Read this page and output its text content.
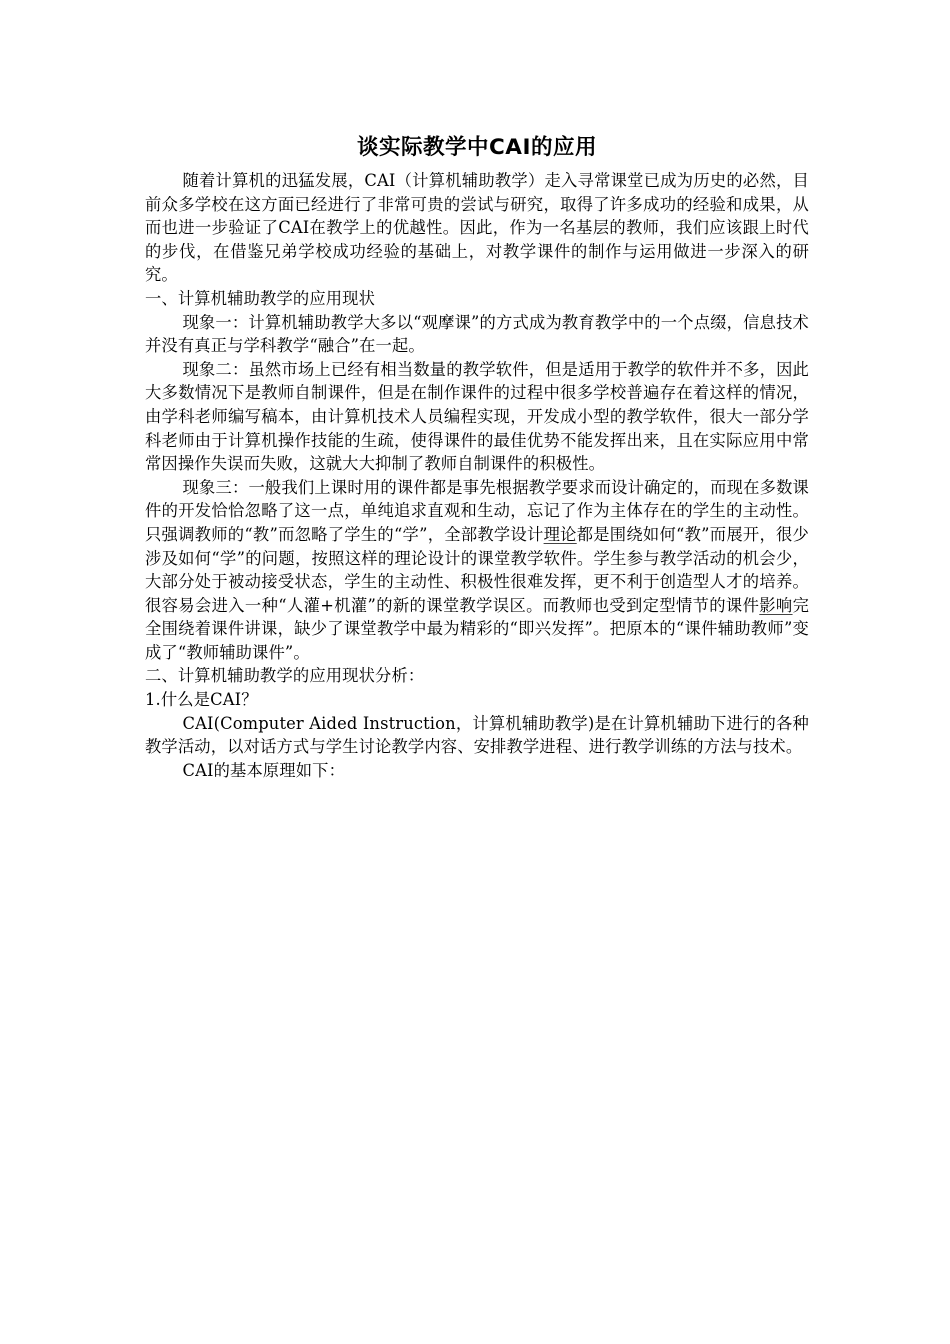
谈实际教学中CAI的应用

随着计算机的迅猛发展，CAI（计算机辅助教学）走入寻常课堂已成为历史的必然，目前众多学校在这方面已经进行了非常可贵的尝试与研究，取得了许多成功的经验和成果，从而也进一步验证了CAI在教学上的优越性。因此，作为一名基层的教师，我们应该跟上时代的步伐，在借鉴兄弟学校成功经验的基础上，对教学课件的制作与运用做进一步深入的研究。

一、计算机辅助教学的应用现状

现象一：计算机辅助教学大多以“观摩课”的方式成为教育教学中的一个点缀，信息技术并没有真正与学科教学“融合”在一起。

现象二：虽然市场上已经有相当数量的教学软件，但是适用于教学的软件并不多，因此大多数情况下是教师自制课件，但是在制作课件的过程中很多学校普遍存在着这样的情况，由学科老师编写稿本，由计算机技术人员编程实现，开发成小型的教学软件，很大一部分学科老师由于计算机操作技能的生疏，使得课件的最佳优势不能发挥出来，且在实际应用中常常因操作失误而失败，这就大大抑制了教师自制课件的积极性。

现象三：一般我们上课时用的课件都是事先根据教学要求而设计确定的，而现在多数课件的开发恰恰忽略了这一点，单纯追求直观和生动，忘记了作为主体存在的学生的主动性。只强调教师的“教”而忽略了学生的“学”，全部教学设计理论都是围绕如何“教”而展开，很少涉及如何“学”的问题，按照这样的理论设计的课堂教学软件。学生参与教学活动的机会少，大部分处于被动接受状态，学生的主动性、积极性很难发挥，更不利于创造型人才的培养。很容易会进入一种“人灌+机灌”的新的课堂教学误区。而教师也受到定型情节的课件影响完全围绕着课件讲课，缺少了课堂教学中最为精彩的“即兴发挥”。把原本的“课件辅助教师”变成了“教师辅助课件”。

二、计算机辅助教学的应用现状分析：

1.什么是CAI？

CAI(Computer Aided Instruction，计算机辅助教学)是在计算机辅助下进行的各种教学活动，以对话方式与学生讨论教学内容、安排教学进程、进行教学训练的方法与技术。

CAI的基本原理如下：
